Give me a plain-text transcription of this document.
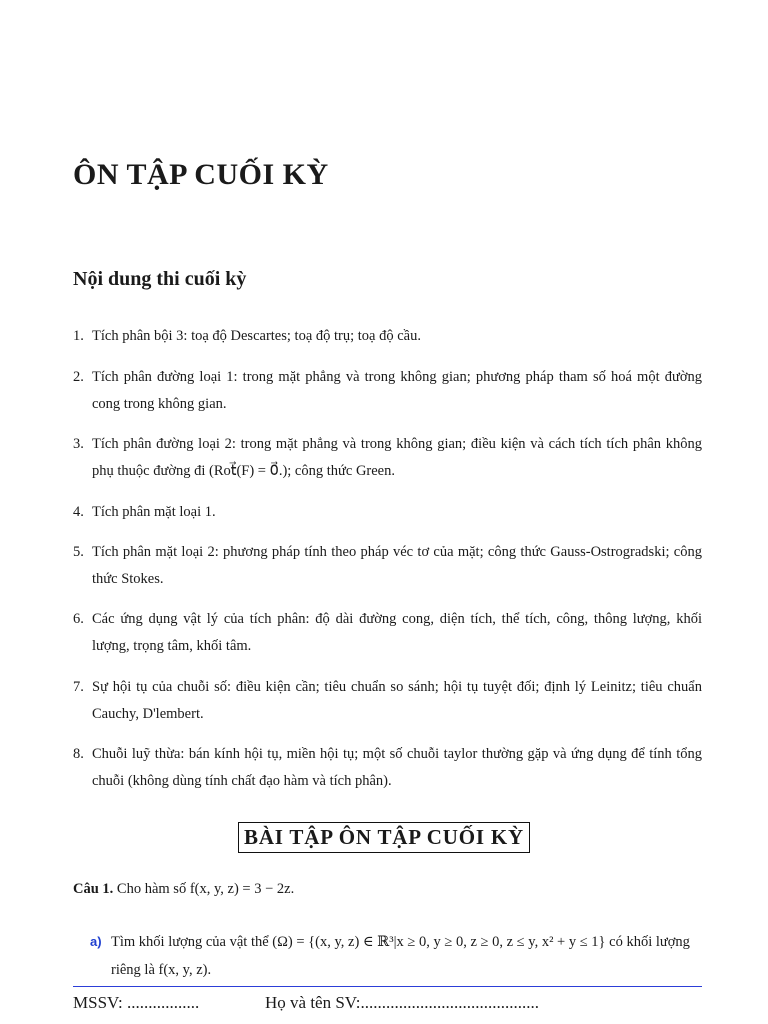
ÔN TẬP CUỐI KỲ
Nội dung thi cuối kỳ
1. Tích phân bội 3: toạ độ Descartes; toạ độ trụ; toạ độ cầu.
2. Tích phân đường loại 1: trong mặt phẳng và trong không gian; phương pháp tham số hoá một đường cong trong không gian.
3. Tích phân đường loại 2: trong mặt phẳng và trong không gian; điều kiện và cách tích tích phân không phụ thuộc đường đi (Rot⃗(F) = 0⃗.); công thức Green.
4. Tích phân mặt loại 1.
5. Tích phân mặt loại 2: phương pháp tính theo pháp véc tơ của mặt; công thức Gauss-Ostrogradski; công thức Stokes.
6. Các ứng dụng vật lý của tích phân: độ dài đường cong, diện tích, thể tích, công, thông lượng, khối lượng, trọng tâm, khối tâm.
7. Sự hội tụ của chuỗi số: điều kiện cần; tiêu chuẩn so sánh; hội tụ tuyệt đối; định lý Leinitz; tiêu chuẩn Cauchy, D'lembert.
8. Chuỗi luỹ thừa: bán kính hội tụ, miền hội tụ; một số chuỗi taylor thường gặp và ứng dụng để tính tổng chuỗi (không dùng tính chất đạo hàm và tích phân).
BÀI TẬP ÔN TẬP CUỐI KỲ
Câu 1. Cho hàm số f(x, y, z) = 3 − 2z.
a) Tìm khối lượng của vật thể (Ω) = {(x, y, z) ∈ ℝ³|x ≥ 0, y ≥ 0, z ≥ 0, z ≤ y, x² + y ≤ 1} có khối lượng riêng là f(x, y, z).
MSSV: .................	Họ và tên SV:..........................................
